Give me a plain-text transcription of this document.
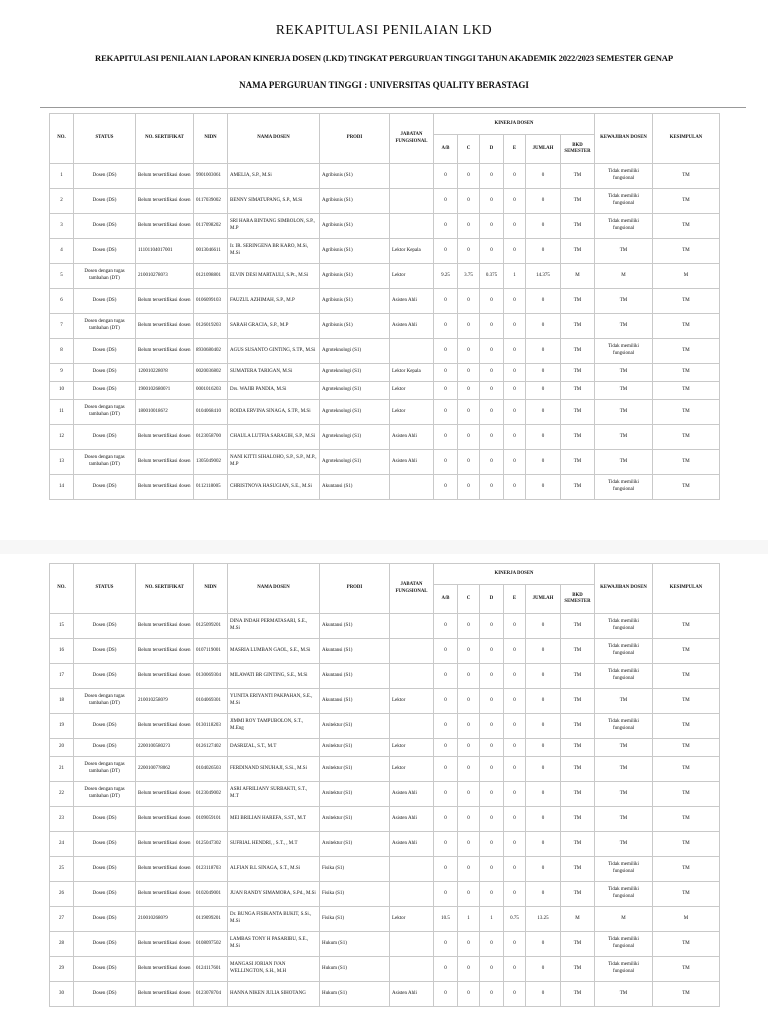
REKAPITULASI PENILAIAN LKD
REKAPITULASI PENILAIAN LAPORAN KINERJA DOSEN (LKD) TINGKAT PERGURUAN TINGGI TAHUN AKADEMIK 2022/2023 SEMESTER GENAP
NAMA PERGURUAN TINGGI : UNIVERSITAS QUALITY BERASTAGI
NO.	STATUS	NO. SERTIFIKAT	NIDN	NAMA DOSEN	PRODI	JABATAN FUNGSIONAL	KINERJA DOSEN						KEWAJIBAN DOSEN	KESIMPULAN
							A/B	C	D	E	JUMLAH	BKD SEMESTER		
1	Dosen (DS)	Belum tersertifikasi dosen	9901003061	AMELIA, S.P., M.Si	Agribisnis (S1)		0	0	0	0	0	TM	Tidak memiliki fungsional	TM
2	Dosen (DS)	Belum tersertifikasi dosen	0117039002	BENNY SIMATUPANG, S.P., M.Si	Agribisnis (S1)		0	0	0	0	0	TM	Tidak memiliki fungsional	TM
3	Dosen (DS)	Belum tersertifikasi dosen	0117098202	SRI HARA BINTANG SIMBOLON, S.P., M.P	Agribisnis (S1)		0	0	0	0	0	TM	Tidak memiliki fungsional	TM
4	Dosen (DS)	11101104017001	0013046611	Ir. IR. SERINGENA BR KARO, M.Si, M.Si	Agribisnis (S1)	Lektor Kepala	0	0	0	0	0	TM	TM	TM
5	Dosen dengan tugas tambahan (DT)	2100102780?3	0121098801	ELVIN DESI MARTAULI, S.Pt., M.Si	Agribisnis (S1)	Lektor	9.25	3.75	0.375	1	14.375	M	M	M
6	Dosen (DS)	Belum tersertifikasi dosen	0106099103	FAUZUL AZHIMAH, S.P., M.P	Agribisnis (S1)	Asisten Ahli	0	0	0	0	0	TM	TM	TM
7	Dosen dengan tugas tambahan (DT)	Belum tersertifikasi dosen	0126019203	SARAH GRACIA, S.P., M.P	Agribisnis (S1)	Asisten Ahli	0	0	0	0	0	TM	TM	TM
8	Dosen (DS)	Belum tersertifikasi dosen	8930680402	AGUS SUSANTO GINTING, S.TP., M.Si	Agroteknologi (S1)		0	0	0	0	0	TM	Tidak memiliki fungsional	TM
9	Dosen (DS)	1200102280?8	0020036802	SUMATERA TARIGAN, M.Si	Agroteknologi (S1)	Lektor Kepala	0	0	0	0	0	TM	TM	TM
10	Dosen (DS)	19001026800?1	0001016203	Drs. WAJIB PANDIA, M.Si	Agroteknologi (S1)	Lektor	0	0	0	0	0	TM	TM	TM
11	Dosen dengan tugas tambahan (DT)	1800100186?2	0104068410	ROIDA ERVINA SINAGA, S.TP., M.Si	Agroteknologi (S1)	Lektor	0	0	0	0	0	TM	TM	TM
12	Dosen (DS)	Belum tersertifikasi dosen	0123058700	CHAULA LUTFIA SARAGIH, S.P., M.Si	Agroteknologi (S1)	Asisten Ahli	0	0	0	0	0	TM	TM	TM
13	Dosen dengan tugas tambahan (DT)	Belum tersertifikasi dosen	1305049002	NANI KITTI SIHALOHO, S.P., S.P., M.P., M.P	Agroteknologi (S1)	Asisten Ahli	0	0	0	0	0	TM	TM	TM
14	Dosen (DS)	Belum tersertifikasi dosen	0112118005	CHRISTNOVA HASUGIAN, S.E., M.Si	Akuntansi (S1)		0	0	0	0	0	TM	Tidak memiliki fungsional	TM
NO.	STATUS	NO. SERTIFIKAT	NIDN	NAMA DOSEN	PRODI	JABATAN FUNGSIONAL	KINERJA DOSEN						KEWAJIBAN DOSEN	KESIMPULAN
							A/B	C	D	E	JUMLAH	BKD SEMESTER		
15	Dosen (DS)	Belum tersertifikasi dosen	0125099201	DINA INDAH PERMATASARI, S.E., M.Si	Akuntansi (S1)		0	0	0	0	0	TM	Tidak memiliki fungsional	TM
16	Dosen (DS)	Belum tersertifikasi dosen	0107119001	MASRIA LUMBAN GAOL, S.E., M.Si	Akuntansi (S1)		0	0	0	0	0	TM	Tidak memiliki fungsional	TM
17	Dosen (DS)	Belum tersertifikasi dosen	0130069304	MILAWATI BR GINTING, S.E., M.Si	Akuntansi (S1)		0	0	0	0	0	TM	Tidak memiliki fungsional	TM
18	Dosen dengan tugas tambahan (DT)	2100102580?9	0104069301	YUNITA ERIYANTI PAKPAHAN, S.E., M.Si	Akuntansi (S1)	Lektor	0	0	0	0	0	TM	TM	TM
19	Dosen (DS)	Belum tersertifikasi dosen	0130118203	JIMMI ROY TAMPUBOLON, S.T., M.Eng	Arsitektur (S1)		0	0	0	0	0	TM	Tidak memiliki fungsional	TM
20	Dosen (DS)	22001005802?3	0126127402	DASRIZAL, S.T., M.T	Arsitektur (S1)	Lektor	0	0	0	0	0	TM	TM	TM
21	Dosen dengan tugas tambahan (DT)	22001007?8062	0104026503	FERDINAND SINUHAJI, S.Si., M.Si	Arsitektur (S1)	Lektor	0	0	0	0	0	TM	TM	TM
22	Dosen dengan tugas tambahan (DT)	Belum tersertifikasi dosen	0123049002	ASRI AFRILIANY SURBAKTI, S.T., M.T	Arsitektur (S1)	Asisten Ahli	0	0	0	0	0	TM	TM	TM
23	Dosen (DS)	Belum tersertifikasi dosen	0109059101	MEI BRILIAN HAREFA, S.ST., M.T	Arsitektur (S1)	Asisten Ahli	0	0	0	0	0	TM	TM	TM
24	Dosen (DS)	Belum tersertifikasi dosen	0125047302	SUFRIAL HENDRI, , S.T., , M.T	Arsitektur (S1)	Asisten Ahli	0	0	0	0	0	TM	TM	TM
25	Dosen (DS)	Belum tersertifikasi dosen	0123118703	ALFIAN B.L SINAGA, S.T., M.Si	Fisika (S1)		0	0	0	0	0	TM	Tidak memiliki fungsional	TM
26	Dosen (DS)	Belum tersertifikasi dosen	0102049001	JUAN RANDY SIMAMORA, S.Pd., M.Si	Fisika (S1)		0	0	0	0	0	TM	Tidak memiliki fungsional	TM
27	Dosen (DS)	2100102680?9	0119099201	Dr. BUNGA FISIKANTA BUKIT, S.Si., M.Si	Fisika (S1)	Lektor	10.5	1	1	0.75	13.25	M	M	M
28	Dosen (DS)	Belum tersertifikasi dosen	0108097502	LAMBAS TONY H PASARIBU, S.E., M.Si	Hukum (S1)		0	0	0	0	0	TM	Tidak memiliki fungsional	TM
29	Dosen (DS)	Belum tersertifikasi dosen	0124117601	MANGASI JORIAN IVAN WELLINGTON, S.H., M.H	Hukum (S1)		0	0	0	0	0	TM	Tidak memiliki fungsional	TM
30	Dosen (DS)	Belum tersertifikasi dosen	0123078704	HANNA NIKEN JULIA SIHOTANG	Hukum (S1)	Asisten Ahli	0	0	0	0	0	TM	TM	TM
